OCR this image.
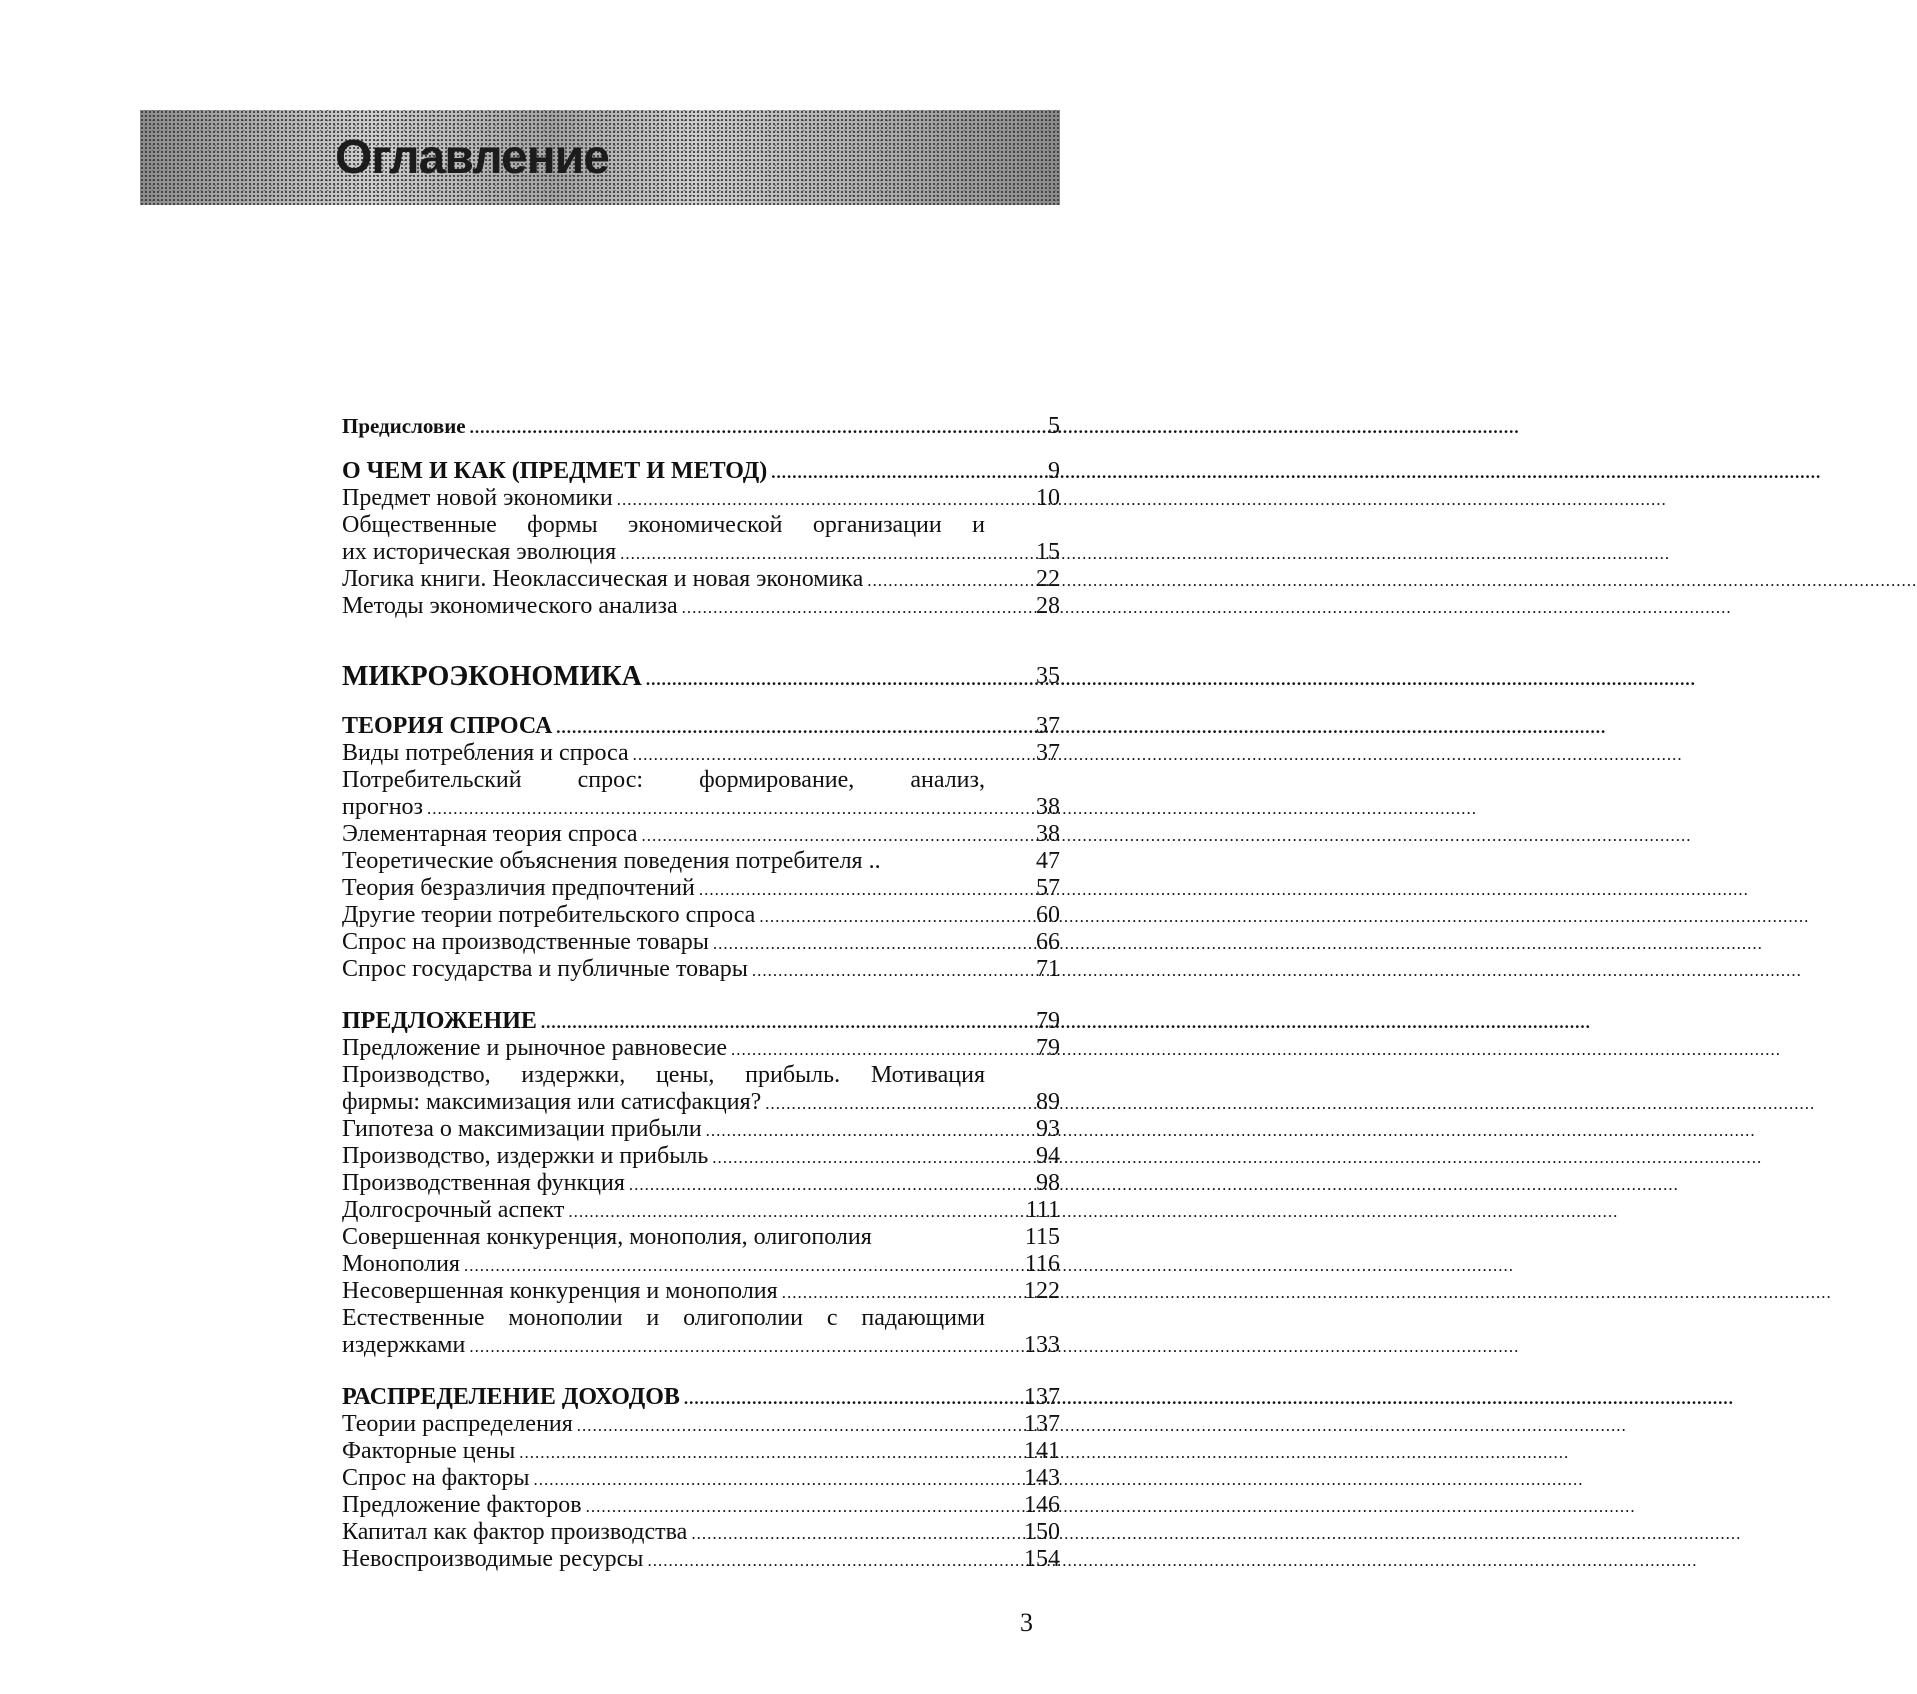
Оглавление
Предисловие .....	5
О ЧЕМ И КАК (ПРЕДМЕТ И МЕТОД) .....	9
Предмет новой экономики .....	10
Общественные формы экономической организации и
их историческая эволюция .....	15
Логика книги. Неоклассическая и новая экономика .....	22
Методы экономического анализа .....	28
МИКРОЭКОНОМИКА .....	35
ТЕОРИЯ СПРОСА .....	37
Виды потребления и спроса .....	37
Потребительский спрос: формирование, анализ,
прогноз .....	38
Элементарная теория спроса .....	38
Теоретические объяснения поведения потребителя ..	47
Теория безразличия предпочтений .....	57
Другие теории потребительского спроса .....	60
Спрос на производственные товары .....	66
Спрос государства и публичные товары .....	71
ПРЕДЛОЖЕНИЕ .....	79
Предложение и рыночное равновесие .....	79
Производство, издержки, цены, прибыль. Мотивация
фирмы: максимизация или сатисфакция? .....	89
Гипотеза о максимизации прибыли .....	93
Производство, издержки и прибыль .....	94
Производственная функция .....	98
Долгосрочный аспект .....	111
Совершенная конкуренция, монополия, олигополия	115
Монополия .....	116
Несовершенная конкуренция и монополия .....	122
Естественные монополии и олигополии с падающими
издержками .....	133
РАСПРЕДЕЛЕНИЕ ДОХОДОВ .....	137
Теории распределения .....	137
Факторные цены .....	141
Спрос на факторы .....	143
Предложение факторов .....	146
Капитал как фактор производства .....	150
Невоспроизводимые ресурсы .....	154
3
